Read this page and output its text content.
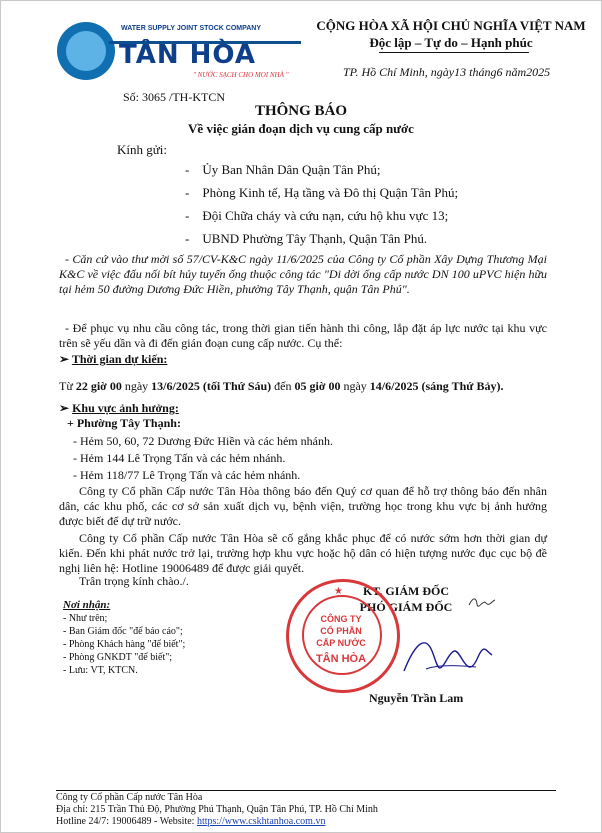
WATER SUPPLY JOINT STOCK COMPANY
TÂN HÒA
" NƯỚC SẠCH CHO MỌI NHÀ "
CỘNG HÒA XÃ HỘI CHỦ NGHĨA VIỆT NAM
Độc lập – Tự do – Hạnh phúc
TP. Hồ Chí Minh, ngày13 tháng6 năm2025
Số: 3065 /TH-KTCN
THÔNG BÁO
Về việc gián đoạn dịch vụ cung cấp nước
Kính gửi:
-    Ủy Ban Nhân Dân Quận Tân Phú;
-    Phòng Kinh tế, Hạ tầng và Đô thị Quận Tân Phú;
-    Đội Chữa cháy và cứu nạn, cứu hộ khu vực 13;
-    UBND Phường Tây Thạnh, Quận Tân Phú.
- Căn cứ vào thư mời số 57/CV-K&C ngày 11/6/2025 của Công ty Cổ phần Xây Dựng Thương Mại K&C về việc đấu nối bít hủy tuyến ống thuộc công tác "Di dời ống cấp nước DN 100 uPVC hiện hữu tại hẻm 50 đường Dương Đức Hiền, phường Tây Thạnh, quận Tân Phú".
- Để phục vụ nhu cầu công tác, trong thời gian tiến hành thi công, lắp đặt áp lực nước tại khu vực trên sẽ yếu dần và đi đến gián đoạn cung cấp nước. Cụ thể:
➢ Thời gian dự kiến:
Từ 22 giờ 00 ngày 13/6/2025 (tối Thứ Sáu) đến 05 giờ 00 ngày 14/6/2025 (sáng Thứ Bảy).
➢ Khu vực ảnh hưởng:
+ Phường Tây Thạnh:
- Hẻm 50, 60, 72 Dương Đức Hiền và các hẻm nhánh.
- Hẻm 144 Lê Trọng Tấn và các hẻm nhánh.
- Hẻm 118/77 Lê Trọng Tấn và các hẻm nhánh.
Công ty Cổ phần Cấp nước Tân Hòa thông báo đến Quý cơ quan để hỗ trợ thông báo đến nhân dân, các khu phố, các cơ sở sản xuất dịch vụ, bệnh viện, trường học trong khu vực bị ảnh hưởng được biết để dự trữ nước.
Công ty Cổ phần Cấp nước Tân Hòa sẽ cố gắng khắc phục để có nước sớm hơn thời gian dự kiến. Đến khi phát nước trở lại, trường hợp khu vực hoặc hộ dân có hiện tượng nước đục cục bộ đề nghị liên hệ: Hotline 19006489 để được giải quyết.
Trân trọng kính chào./.
Nơi nhận:
- Như trên;
- Ban Giám đốc "để báo cáo";
- Phòng Khách hàng "để biết";
- Phòng GNKDT "để biết";
- Lưu: VT, KTCN.
KT. GIÁM ĐỐC
PHÓ GIÁM ĐỐC
★
CÔNG TY
CỔ PHẦN
CẤP NƯỚC
TÂN HÒA
Nguyễn Trần Lam
Công ty Cổ phần Cấp nước Tân Hòa
Địa chỉ: 215 Trần Thủ Độ, Phường Phú Thạnh, Quận Tân Phú, TP. Hồ Chí Minh
Hotline 24/7: 19006489 - Website: https://www.cskhtanhoa.com.vn
